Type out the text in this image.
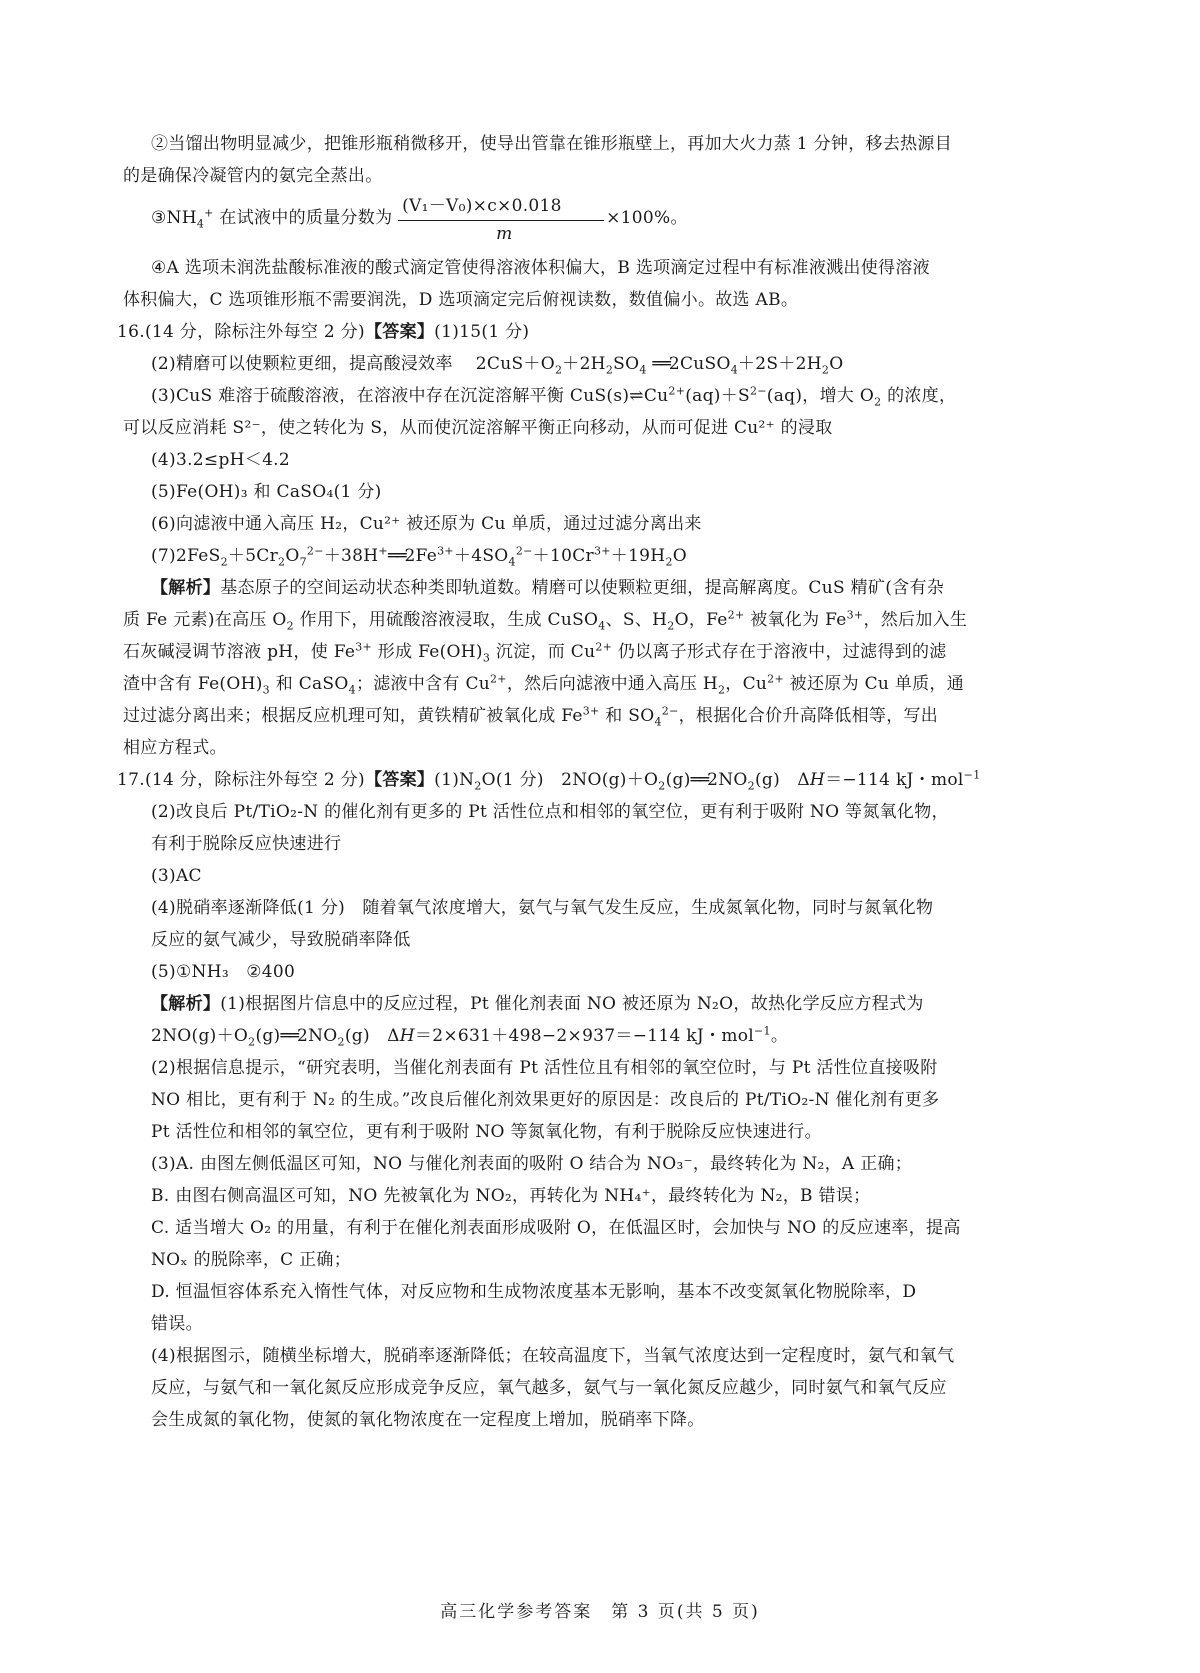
②当馏出物明显减少，把锥形瓶稍微移开，使导出管靠在锥形瓶壁上，再加大火力蒸 1 分钟，移去热源目
的是确保冷凝管内的氨完全蒸出。
$③NH_4^+$ 在试液中的质量分数为 $\frac{\text{(V₁－V₀)×c×0.018}}{m} \times 100\%$。
④A 选项未润洗盐酸标准液的酸式滴定管使得溶液体积偏大，B 选项滴定过程中有标准液溅出使得溶液
体积偏大，C 选项锥形瓶不需要润洗，D 选项滴定完后俯视读数，数值偏小。故选 AB。
16.(14 分，除标注外每空 2 分)【答案】(1)15(1 分)
(2)精磨可以使颗粒更细，提高酸浸效率　 $2CuS+O_2+2H_2SO_4$ $══2CuSO_4+2S+2H_2O$
(3)CuS 难溶于硫酸溶液，在溶液中存在沉淀溶解平衡 $CuS(s)\rightleftharpoons Cu^{2+}(aq)+S^{2-}(aq)$，增大 $O_2$ 的浓度，
可以反应消耗 S²⁻，使之转化为 S，从而使沉淀溶解平衡正向移动，从而可促进 Cu²⁺ 的浸取
(4)3.2≤pH＜4.2
(5)Fe(OH)₃ 和 CaSO₄(1 分)
(6)向滤液中通入高压 H₂，Cu²⁺ 被还原为 Cu 单质，通过过滤分离出来
$(7)2FeS_2+5Cr_2O_7^{2-}+38H^+══2Fe^{3+}+4SO_4^{2-}+10Cr^{3+}+19H_2O$
【解析】基态原子的空间运动状态种类即轨道数。精磨可以使颗粒更细，提高解离度。CuS 精矿(含有杂
质 Fe 元素)在高压 $O_2$ 作用下，用硫酸溶液浸取，生成 CuSO$_4$、S、$H_2O$，$Fe^{2+}$ 被氧化为 $Fe^{3+}$，然后加入生
石灰碱浸调节溶液 pH，使 $Fe^{3+}$ 形成 $Fe(OH)_3$ 沉淀，而 $Cu^{2+}$ 仍以离子形式存在于溶液中，过滤得到的滤
渣中含有 $Fe(OH)_3$ 和 CaSO$_4$；滤液中含有 $Cu^{2+}$，然后向滤液中通入高压 $H_2$，$Cu^{2+}$ 被还原为 Cu 单质，通
过过滤分离出来；根据反应机理可知，黄铁精矿被氧化成 $Fe^{3+}$ 和 $SO_4^{2-}$，根据化合价升高降低相等，写出
相应方程式。
17.(14 分，除标注外每空 2 分)【答案】$(1)N_2O(1$ 分)　$2NO(g)+O_2(g)══2NO_2(g)$　ΔH＝−114 kJ・mol$^{-1}$
(2)改良后 Pt/TiO₂-N 的催化剂有更多的 Pt 活性位点和相邻的氧空位，更有利于吸附 NO 等氮氧化物，
有利于脱除反应快速进行
(3)AC
(4)脱硝率逐渐降低(1 分)　随着氧气浓度增大，氨气与氧气发生反应，生成氮氧化物，同时与氮氧化物
反应的氨气减少，导致脱硝率降低
(5)①NH₃　②400
【解析】(1)根据图片信息中的反应过程，Pt 催化剂表面 NO 被还原为 N₂O，故热化学反应方程式为
$2NO(g)+O_2(g)══2NO_2(g)$　ΔH＝2×631＋498−2×937＝−114 kJ・mol$^{-1}$。
(2)根据信息提示，“研究表明，当催化剂表面有 Pt 活性位且有相邻的氧空位时，与 Pt 活性位直接吸附
NO 相比，更有利于 N₂ 的生成。”改良后催化剂效果更好的原因是：改良后的 Pt/TiO₂-N 催化剂有更多
Pt 活性位和相邻的氧空位，更有利于吸附 NO 等氮氧化物，有利于脱除反应快速进行。
(3)A. 由图左侧低温区可知，NO 与催化剂表面的吸附 O 结合为 NO₃⁻，最终转化为 N₂，A 正确；
B. 由图右侧高温区可知，NO 先被氧化为 NO₂，再转化为 NH₄⁺，最终转化为 N₂，B 错误；
C. 适当增大 O₂ 的用量，有利于在催化剂表面形成吸附 O，在低温区时，会加快与 NO 的反应速率，提高
NOₓ 的脱除率，C 正确；
D. 恒温恒容体系充入惰性气体，对反应物和生成物浓度基本无影响，基本不改变氮氧化物脱除率，D
错误。
(4)根据图示，随横坐标增大，脱硝率逐渐降低；在较高温度下，当氧气浓度达到一定程度时，氨气和氧气
反应，与氨气和一氧化氮反应形成竞争反应，氧气越多，氨气与一氧化氮反应越少，同时氨气和氧气反应
会生成氮的氧化物，使氮的氧化物浓度在一定程度上增加，脱硝率下降。
高三化学参考答案　第 3 页(共 5 页)
